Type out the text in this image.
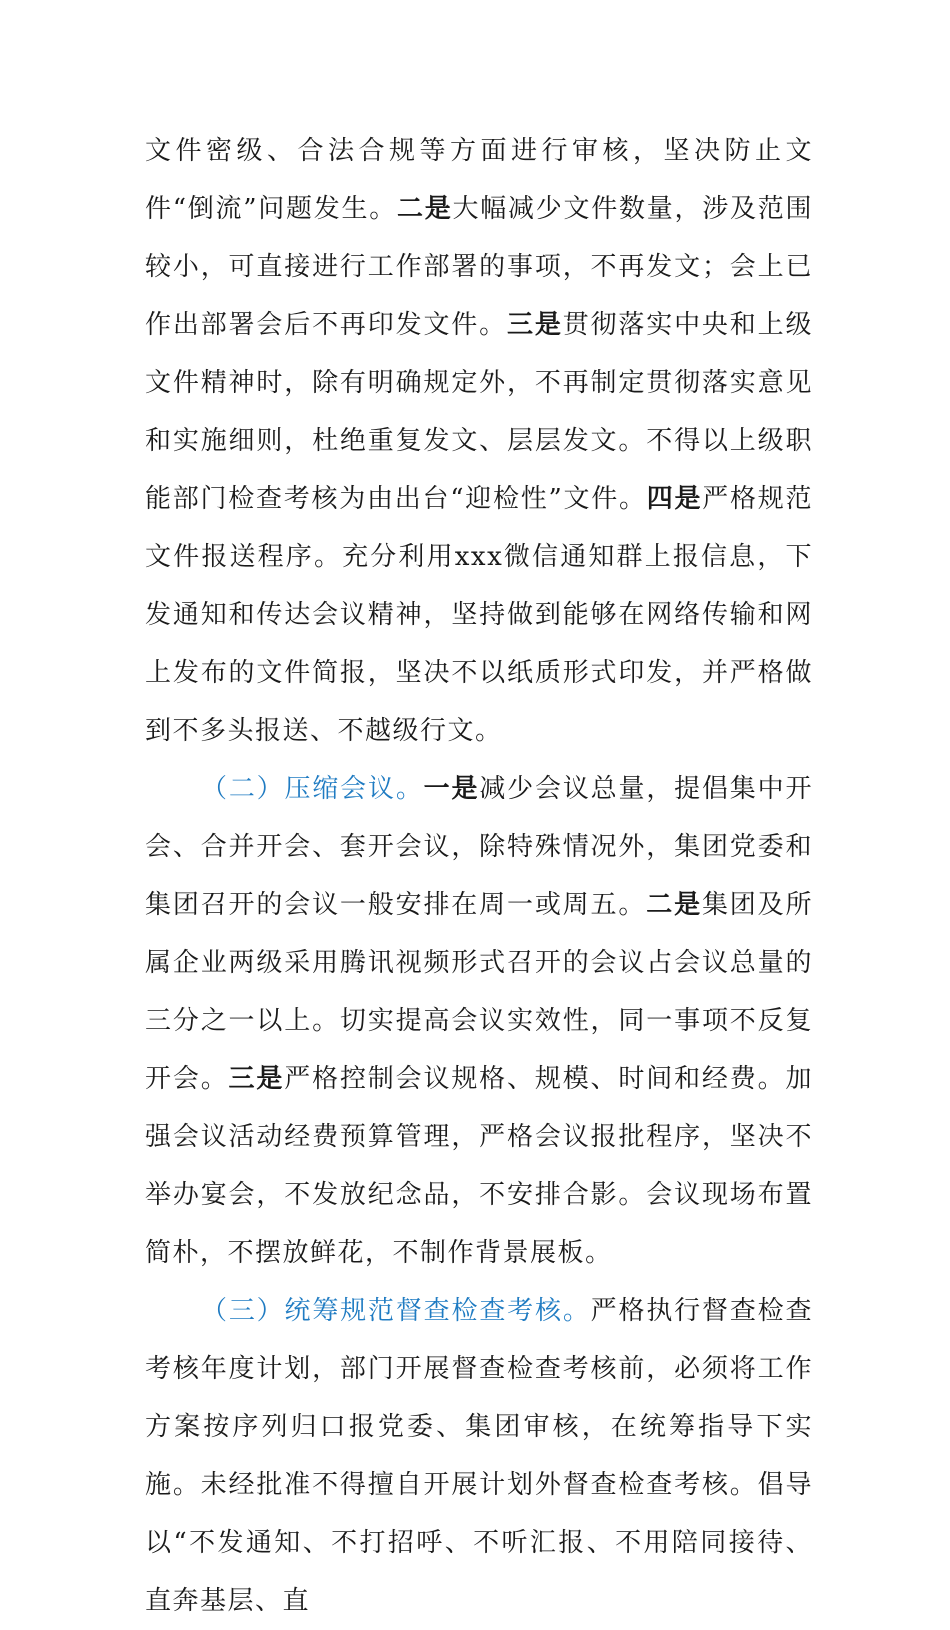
文件密级、合法合规等方面进行审核，坚决防止文件“倒流”问题发生。二是大幅减少文件数量，涉及范围较小，可直接进行工作部署的事项，不再发文；会上已作出部署会后不再印发文件。三是贯彻落实中央和上级文件精神时，除有明确规定外，不再制定贯彻落实意见和实施细则，杜绝重复发文、层层发文。不得以上级职能部门检查考核为由出台“迎检性”文件。四是严格规范文件报送程序。充分利用xxx微信通知群上报信息，下发通知和传达会议精神，坚持做到能够在网络传输和网上发布的文件简报，坚决不以纸质形式印发，并严格做到不多头报送、不越级行文。

（二）压缩会议。一是减少会议总量，提倡集中开会、合并开会、套开会议，除特殊情况外，集团党委和集团召开的会议一般安排在周一或周五。二是集团及所属企业两级采用腾讯视频形式召开的会议占会议总量的三分之一以上。切实提高会议实效性，同一事项不反复开会。三是严格控制会议规格、规模、时间和经费。加强会议活动经费预算管理，严格会议报批程序，坚决不举办宴会，不发放纪念品，不安排合影。会议现场布置简朴，不摆放鲜花，不制作背景展板。

（三）统筹规范督查检查考核。严格执行督查检查考核年度计划，部门开展督查检查考核前，必须将工作方案按序列归口报党委、集团审核，在统筹指导下实施。未经批准不得擅自开展计划外督查检查考核。倡导以“不发通知、不打招呼、不听汇报、不用陪同接待、直奔基层、直
